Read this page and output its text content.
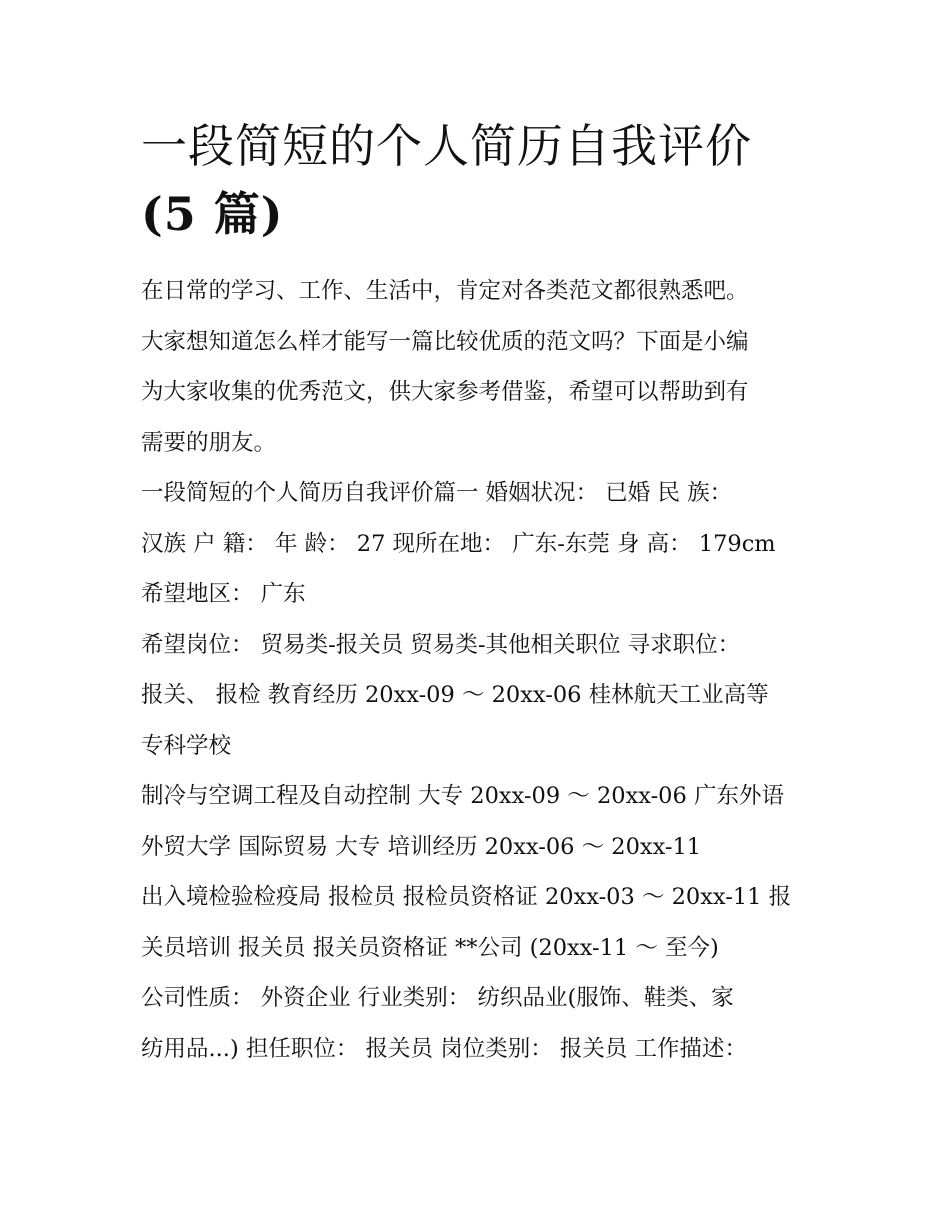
一段简短的个人简历自我评价
(5 篇)

在日常的学习、工作、生活中，肯定对各类范文都很熟悉吧。
大家想知道怎么样才能写一篇比较优质的范文吗？下面是小编
为大家收集的优秀范文，供大家参考借鉴，希望可以帮助到有
需要的朋友。

一段简短的个人简历自我评价篇一 婚姻状况： 已婚 民 族：
汉族 户 籍： 年 龄： 27 现所在地： 广东-东莞 身 高： 179cm
希望地区： 广东

希望岗位： 贸易类-报关员 贸易类-其他相关职位 寻求职位：
报关、 报检 教育经历 20xx-09 ～ 20xx-06 桂林航天工业高等
专科学校

制冷与空调工程及自动控制 大专 20xx-09 ～ 20xx-06 广东外语
外贸大学 国际贸易 大专 培训经历 20xx-06 ～ 20xx-11

出入境检验检疫局 报检员 报检员资格证 20xx-03 ～ 20xx-11 报
关员培训 报关员 报关员资格证 **公司 (20xx-11 ～ 至今)

公司性质： 外资企业 行业类别： 纺织品业(服饰、鞋类、家
纺用品...) 担任职位： 报关员 岗位类别： 报关员 工作描述：
